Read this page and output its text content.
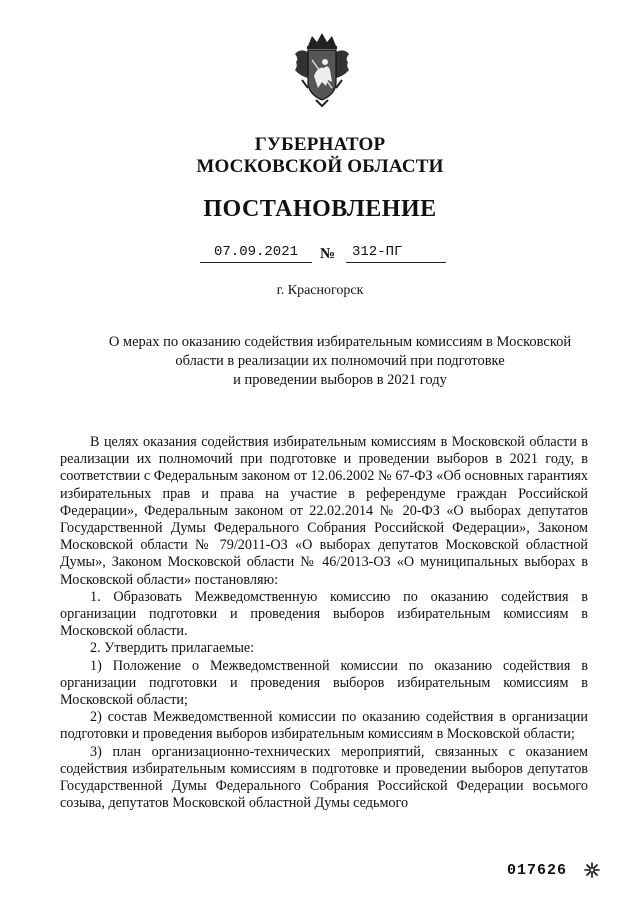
ГУБЕРНАТОР
МОСКОВСКОЙ ОБЛАСТИ
ПОСТАНОВЛЕНИЕ
07.09.2021	№	312-ПГ
г. Красногорск
О мерах по оказанию содействия избирательным комиссиям в Московской
области в реализации их полномочий при подготовке
и проведении выборов в 2021 году

В целях оказания содействия избирательным комиссиям в Московской области в реализации их полномочий при подготовке и проведении выборов в 2021 году, в соответствии с Федеральным законом от 12.06.2002 № 67-ФЗ «Об основных гарантиях избирательных прав и права на участие в референдуме граждан Российской Федерации», Федеральным законом от 22.02.2014 № 20-ФЗ «О выборах депутатов Государственной Думы Федерального Собрания Российской Федерации», Законом Московской области № 79/2011-ОЗ «О выборах депутатов Московской областной Думы», Законом Московской области № 46/2013-ОЗ «О муниципальных выборах в Московской области» постановляю:

1. Образовать Межведомственную комиссию по оказанию содействия в организации подготовки и проведения выборов избирательным комиссиям в Московской области.

2. Утвердить прилагаемые:

1) Положение о Межведомственной комиссии по оказанию содействия в организации подготовки и проведения выборов избирательным комиссиям в Московской области;

2) состав Межведомственной комиссии по оказанию содействия в организации подготовки и проведения выборов избирательным комиссиям в Московской области;

3) план организационно-технических мероприятий, связанных с оказанием содействия избирательным комиссиям в подготовке и проведении выборов депутатов Государственной Думы Федерального Собрания Российской Федерации восьмого созыва, депутатов Московской областной Думы седьмого

017626
